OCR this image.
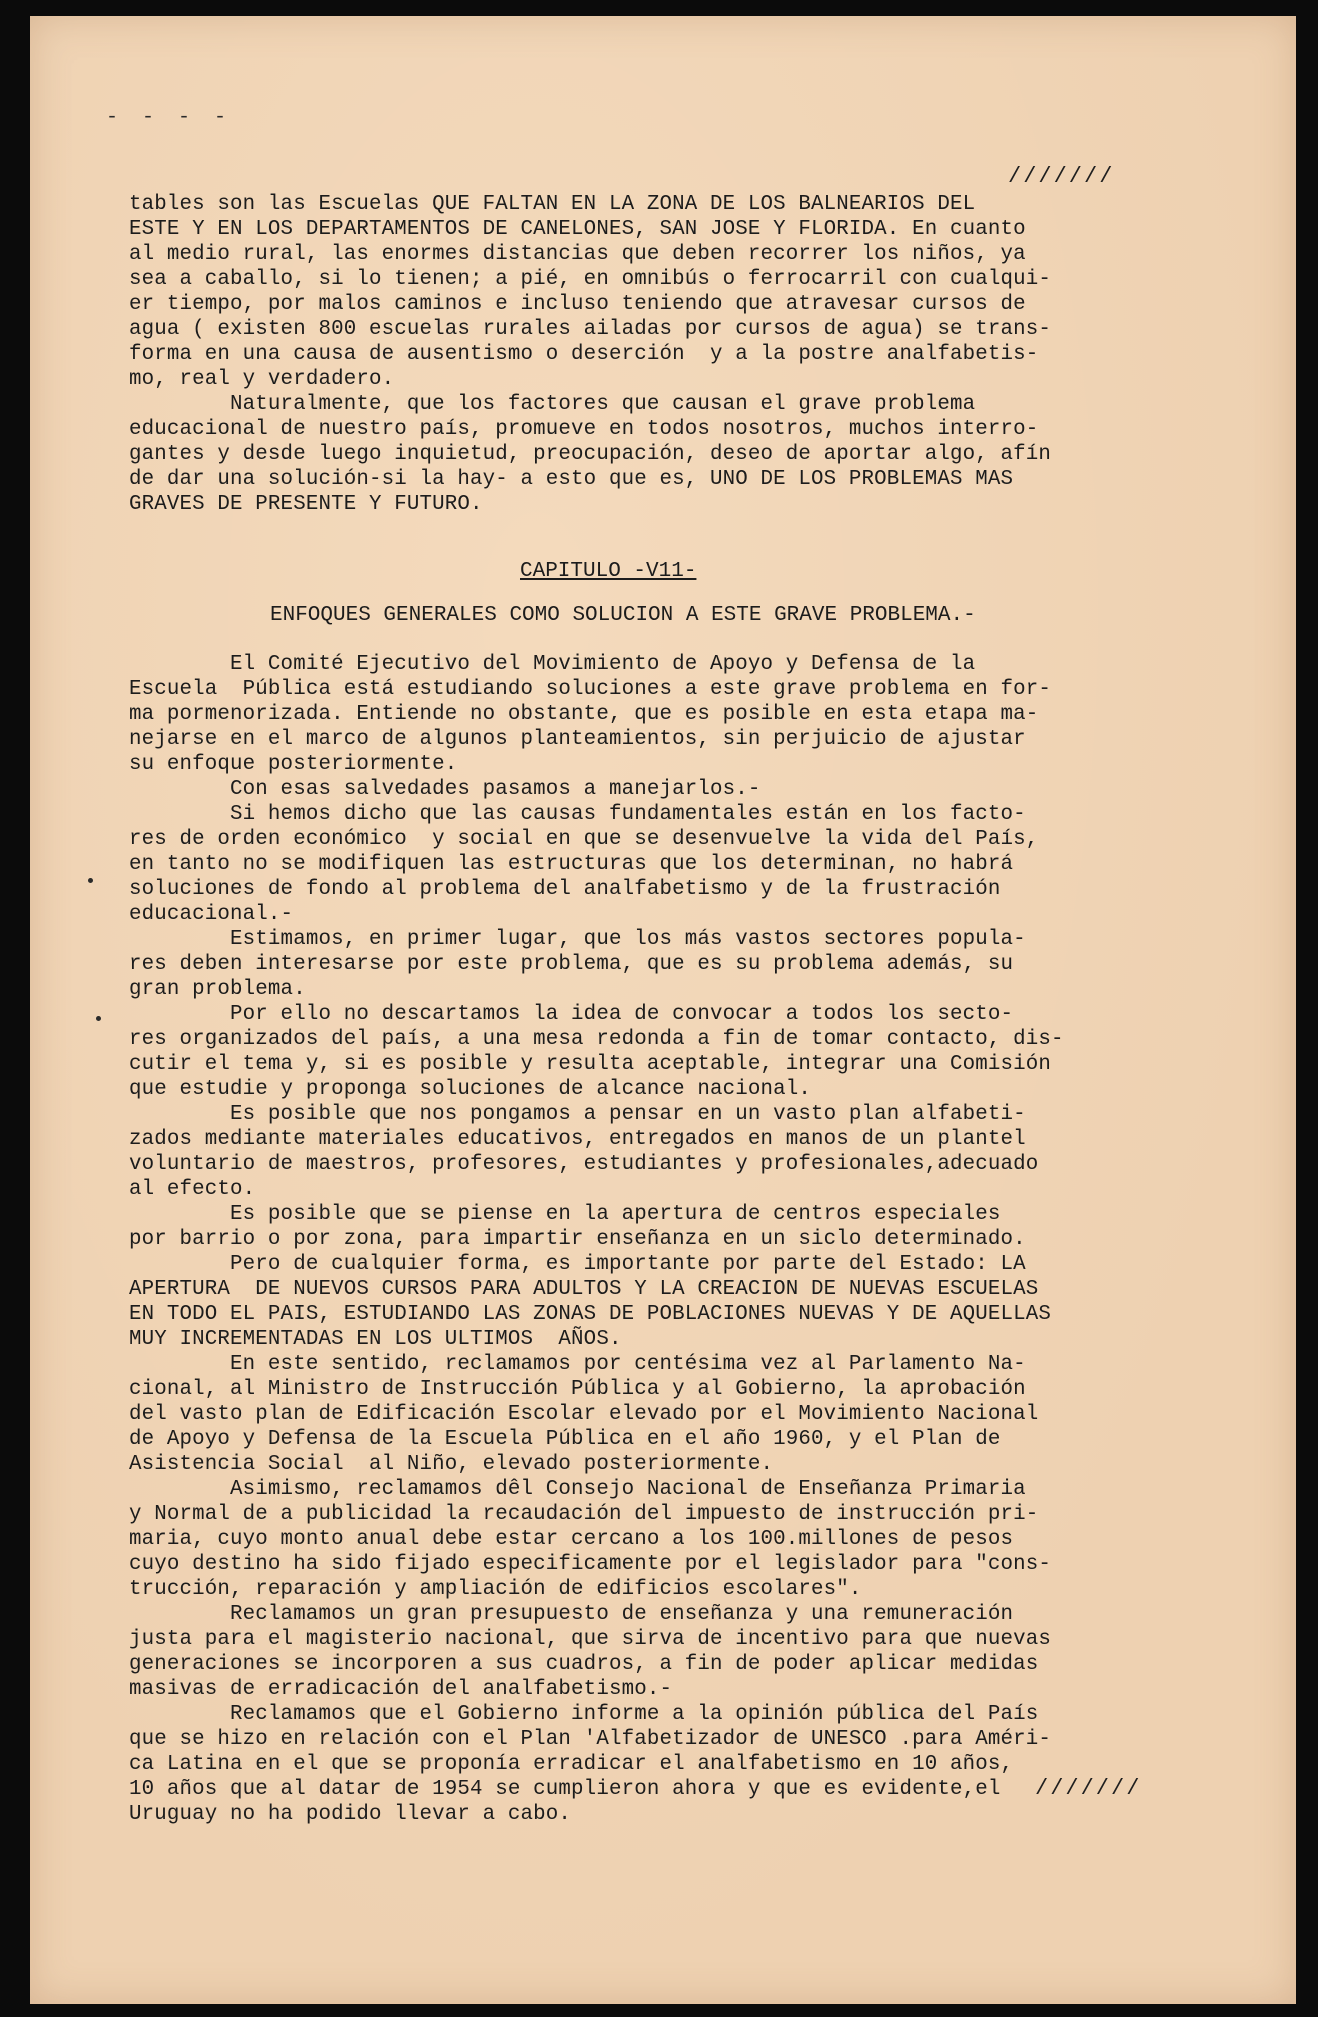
- - - -

///////

tables son las Escuelas QUE FALTAN EN LA ZONA DE LOS BALNEARIOS DEL
ESTE Y EN LOS DEPARTAMENTOS DE CANELONES, SAN JOSE Y FLORIDA. En cuanto
al medio rural, las enormes distancias que deben recorrer los niños, ya
sea a caballo, si lo tienen; a pié, en omnibús o ferrocarril con cualqui-
er tiempo, por malos caminos e incluso teniendo que atravesar cursos de
agua ( existen 800 escuelas rurales ailadas por cursos de agua) se trans-
forma en una causa de ausentismo o deserción  y a la postre analfabetis-
mo, real y verdadero.
Naturalmente, que los factores que causan el grave problema
educacional de nuestro país, promueve en todos nosotros, muchos interro-
gantes y desde luego inquietud, preocupación, deseo de aportar algo, afín
de dar una solución-si la hay- a esto que es, UNO DE LOS PROBLEMAS MAS
GRAVES DE PRESENTE Y FUTURO.

CAPITULO -V11-

ENFOQUES GENERALES COMO SOLUCION A ESTE GRAVE PROBLEMA.-

El Comité Ejecutivo del Movimiento de Apoyo y Defensa de la
Escuela  Pública está estudiando soluciones a este grave problema en for-
ma pormenorizada. Entiende no obstante, que es posible en esta etapa ma-
nejarse en el marco de algunos planteamientos, sin perjuicio de ajustar
su enfoque posteriormente.
Con esas salvedades pasamos a manejarlos.-
Si hemos dicho que las causas fundamentales están en los facto-
res de orden económico  y social en que se desenvuelve la vida del País,
en tanto no se modifiquen las estructuras que los determinan, no habrá
soluciones de fondo al problema del analfabetismo y de la frustración
educacional.-
Estimamos, en primer lugar, que los más vastos sectores popula-
res deben interesarse por este problema, que es su problema además, su
gran problema.
Por ello no descartamos la idea de convocar a todos los secto-
res organizados del país, a una mesa redonda a fin de tomar contacto, dis-
cutir el tema y, si es posible y resulta aceptable, integrar una Comisión
que estudie y proponga soluciones de alcance nacional.
Es posible que nos pongamos a pensar en un vasto plan alfabeti-
zados mediante materiales educativos, entregados en manos de un plantel
voluntario de maestros, profesores, estudiantes y profesionales,adecuado
al efecto.
Es posible que se piense en la apertura de centros especiales
por barrio o por zona, para impartir enseñanza en un siclo determinado.
Pero de cualquier forma, es importante por parte del Estado: LA
APERTURA  DE NUEVOS CURSOS PARA ADULTOS Y LA CREACION DE NUEVAS ESCUELAS
EN TODO EL PAIS, ESTUDIANDO LAS ZONAS DE POBLACIONES NUEVAS Y DE AQUELLAS
MUY INCREMENTADAS EN LOS ULTIMOS  AÑOS.
En este sentido, reclamamos por centésima vez al Parlamento Na-
cional, al Ministro de Instrucción Pública y al Gobierno, la aprobación
del vasto plan de Edificación Escolar elevado por el Movimiento Nacional
de Apoyo y Defensa de la Escuela Pública en el año 1960, y el Plan de
Asistencia Social  al Niño, elevado posteriormente.
Asimismo, reclamamos dêl Consejo Nacional de Enseñanza Primaria
y Normal de a publicidad la recaudación del impuesto de instrucción pri-
maria, cuyo monto anual debe estar cercano a los 100.millones de pesos
cuyo destino ha sido fijado especificamente por el legislador para "cons-
trucción, reparación y ampliación de edificios escolares".
Reclamamos un gran presupuesto de enseñanza y una remuneración
justa para el magisterio nacional, que sirva de incentivo para que nuevas
generaciones se incorporen a sus cuadros, a fin de poder aplicar medidas
masivas de erradicación del analfabetismo.-
Reclamamos que el Gobierno informe a la opinión pública del País
que se hizo en relación con el Plan 'Alfabetizador de UNESCO .para Améri-
ca Latina en el que se proponía erradicar el analfabetismo en 10 años,
10 años que al datar de 1954 se cumplieron ahora y que es evidente,el
Uruguay no ha podido llevar a cabo.

///////
